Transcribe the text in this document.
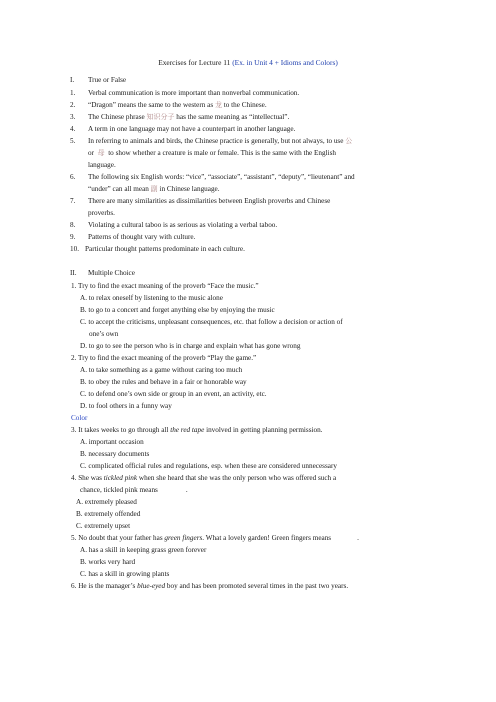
Exercises for Lecture 11 (Ex. in Unit 4 + Idioms and Colors)
I. True or False
1. Verbal communication is more important than nonverbal communication.
2. “Dragon” means the same to the western as 龙 to the Chinese.
3. The Chinese phrase 知识分子 has the same meaning as “intellectual”.
4. A term in one language may not have a counterpart in another language.
5. In referring to animals and birds, the Chinese practice is generally, but not always, to use 公
or 母 to show whether a creature is male or female. This is the same with the English
language.
6. The following six English words: “vice”, “associate”, “assistant”, “deputy”, “lieutenant” and
“under” can all mean 副 in Chinese language.
7. There are many similarities as dissimilarities between English proverbs and Chinese
proverbs.
8. Violating a cultural taboo is as serious as violating a verbal taboo.
9. Patterns of thought vary with culture.
10. Particular thought patterns predominate in each culture.
II. Multiple Choice
1. Try to find the exact meaning of the proverb “Face the music.”
A. to relax oneself by listening to the music alone
B. to go to a concert and forget anything else by enjoying the music
C. to accept the criticisms, unpleasant consequences, etc. that follow a decision or action of
one’s own
D. to go to see the person who is in charge and explain what has gone wrong
2. Try to find the exact meaning of the proverb “Play the game.”
A. to take something as a game without caring too much
B. to obey the rules and behave in a fair or honorable way
C. to defend one’s own side or group in an event, an activity, etc.
D. to fool others in a funny way
Color
3. It takes weeks to go through all the red tape involved in getting planning permission.
A. important occasion
B. necessary documents
C. complicated official rules and regulations, esp. when these are considered unnecessary
4. She was tickled pink when she heard that she was the only person who was offered such a
chance, tickled pink means	.
A. extremely pleased
B. extremely offended
C. extremely upset
5. No doubt that your father has green fingers. What a lovely garden! Green fingers means	.
A. has a skill in keeping grass green forever
B. works very hard
C. has a skill in growing plants
6. He is the manager’s blue-eyed boy and has been promoted several times in the past two years.
